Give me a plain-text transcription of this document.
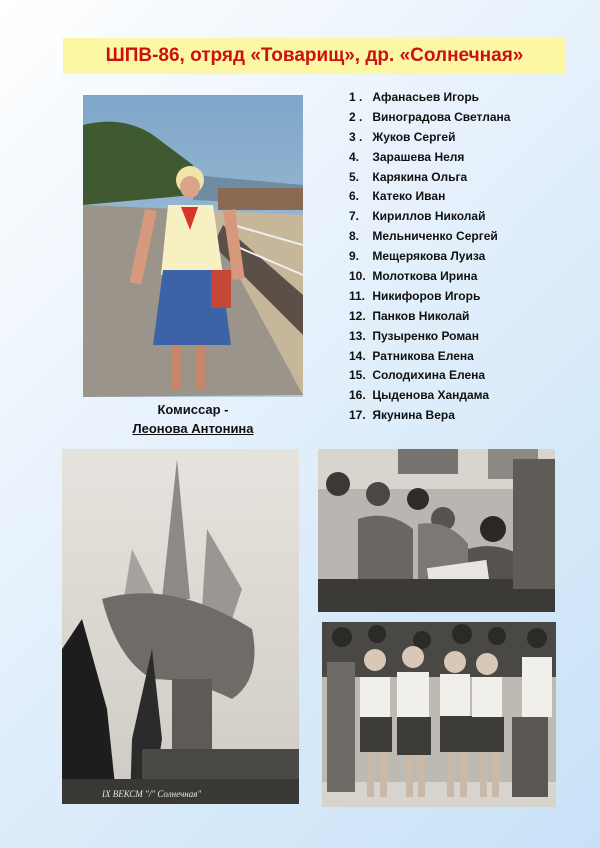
ШПВ-86, отряд «Товарищ», др. «Солнечная»
Комиссар -
Леонова Антонина
1 . Афанасьев Игорь
2 . Виноградова Светлана
3 . Жуков Сергей
4. Зарашева Неля
5. Карякина Ольга
6. Катеко Иван
7. Кириллов Николай
8. Мельниченко Сергей
9. Мещерякова Луиза
10. Молоткова Ирина
11. Никифоров Игорь
12. Панков Николай
13. Пузыренко Роман
14. Ратникова Елена
15. Солодихина Елена
16. Цыденова Хандама
17. Якунина Вера
IX ВЕКСМ "/" Солнечная"
